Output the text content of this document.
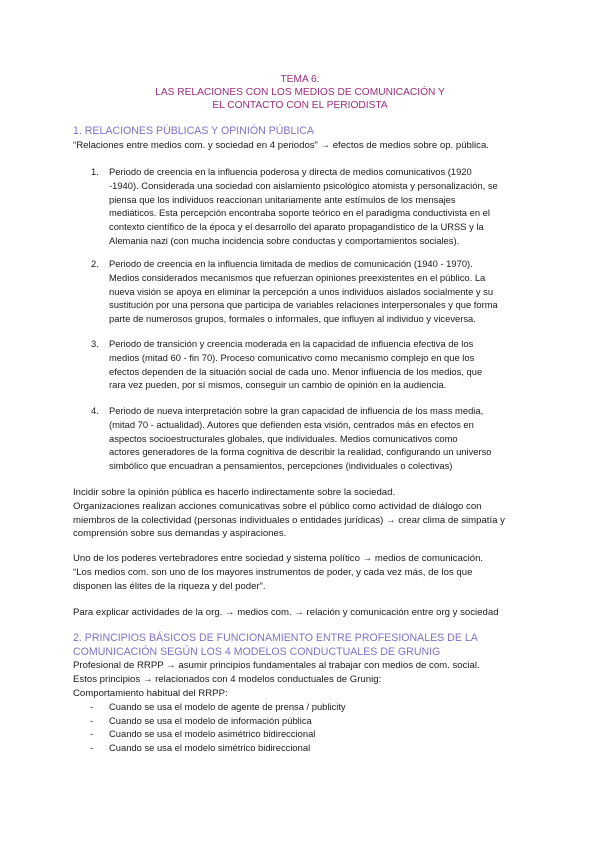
TEMA 6:
LAS RELACIONES CON LOS MEDIOS DE COMUNICACIÓN Y
EL CONTACTO CON EL PERIODISTA
1. RELACIONES PÚBLICAS Y OPINIÓN PÚBLICA
“Relaciones entre medios com. y sociedad en 4 periodos” → efectos de medios sobre op. pública.
1.	Periodo de creencia en la influencia poderosa y directa de medios comunicativos (1920
-1940). Considerada una sociedad con aislamiento psicológico atomista y personalización, se
piensa que los individuos reaccionan unitariamente ante estímulos de los mensajes
mediáticos. Esta percepción encontraba soporte teórico en el paradigma conductivista en el
contexto científico de la época y el desarrollo del aparato propagandístico de la URSS y la
Alemania nazi (con mucha incidencia sobre conductas y comportamientos sociales).
2.	Periodo de creencia en la influencia limitada de medios de comunicación (1940 - 1970).
Medios considerados mecanismos que refuerzan opiniones preexistentes en el público. La
nueva visión se apoya en eliminar la percepción a unos individuos aislados socialmente y su
sustitución por una persona que participa de variables relaciones interpersonales y que forma
parte de numerosos grupos, formales o informales, que influyen al individuo y viceversa.
3.	Periodo de transición y creencia moderada en la capacidad de influencia efectiva de los
medios (mitad 60 - fin 70). Proceso comunicativo como mecanismo complejo en que los
efectos dependen de la situación social de cada uno. Menor influencia de los medios, que
rara vez pueden, por sí mismos, conseguir un cambio de opinión en la audiencia.
4.	Periodo de nueva interpretación sobre la gran capacidad de influencia de los mass media,
(mitad 70 - actualidad). Autores que defienden esta visión, centrados más en efectos en
aspectos socioestructurales globales, que individuales. Medios comunicativos como
actores generadores de la forma cognitiva de describir la realidad, configurando un universo
simbólico que encuadran a pensamientos, percepciones (individuales o colectivas)
Incidir sobre la opinión pública es hacerlo indirectamente sobre la sociedad.
Organizaciones realizan acciones comunicativas sobre el público como actividad de diálogo con
miembros de la colectividad (personas individuales o entidades jurídicas) → crear clima de simpatía y
comprensión sobre sus demandas y aspiraciones.
Uno de los poderes vertebradores entre sociedad y sistema político → medios de comunicación.
“Los medios com. son uno de los mayores instrumentos de poder, y cada vez más, de los que
disponen las élites de la riqueza y del poder”.
Para explicar actividades de la org. → medios com. → relación y comunicación entre org y sociedad
2. PRINCIPIOS BÁSICOS DE FUNCIONAMIENTO ENTRE PROFESIONALES DE LA
COMUNICACIÓN SEGÚN LOS 4 MODELOS CONDUCTUALES DE GRUNIG
Profesional de RRPP → asumir principios fundamentales al trabajar con medios de com. social.
Estos principios → relacionados con 4 modelos conductuales de Grunig:
Comportamiento habitual del RRPP:
- Cuando se usa el modelo de agente de prensa / publicity
- Cuando se usa el modelo de información pública
- Cuando se usa el modelo asimétrico bidireccional
- Cuando se usa el modelo simétrico bidireccional
